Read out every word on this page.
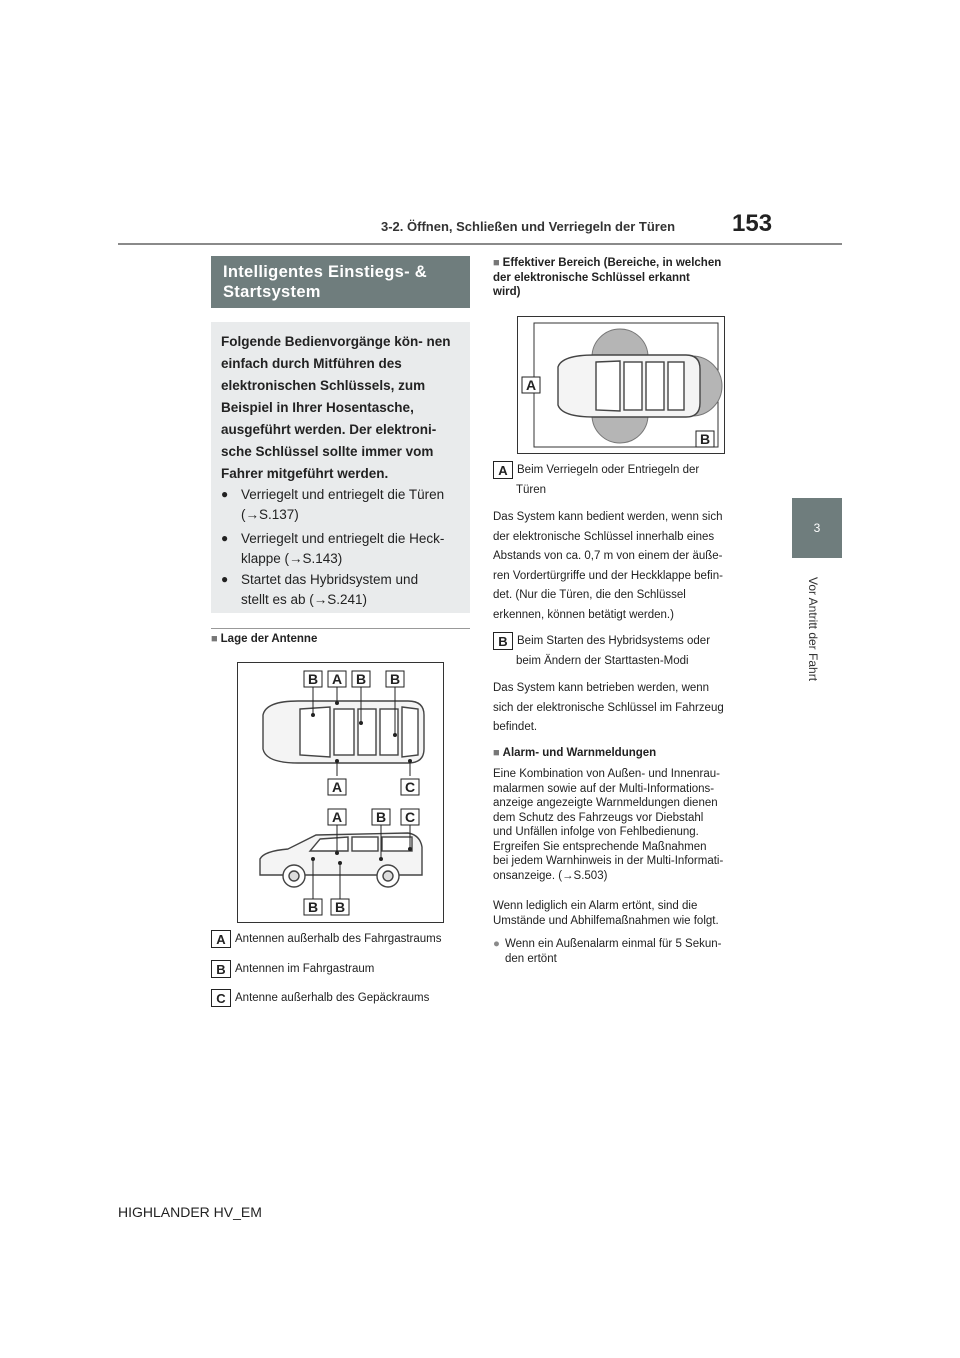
3-2. Öffnen, Schließen und Verriegeln der Türen 153
3
Vor Antritt der Fahrt
Intelligentes Einstiegs- &
Startsystem
Folgende Bedienvorgänge kön- nen einfach durch Mitführen des elektronischen Schlüssels, zum Beispiel in Ihrer Hosentasche, ausgeführt werden. Der elektroni- sche Schlüssel sollte immer vom Fahrer mitgeführt werden.
● Verriegelt und entriegelt die Türen
(→S.137)
● Verriegelt und entriegelt die Heck-
klappe (→S.143)
● Startet das Hybridsystem und
stellt es ab (→S.241)
■ Lage der Antenne
B A B B
A	C
A B C
B B
A Antennen außerhalb des Fahrgastraums
B Antennen im Fahrgastraum
C Antenne außerhalb des Gepäckraums
■ Effektiver Bereich (Bereiche, in welchen
der elektronische Schlüssel erkannt
wird)
A
B
A Beim Verriegeln oder Entriegeln der
Türen
Das System kann bedient werden, wenn sich
der elektronische Schlüssel innerhalb eines
Abstands von ca. 0,7 m von einem der äuße-
ren Vordertürgriffe und der Heckklappe befin-
det. (Nur die Türen, die den Schlüssel
erkennen, können betätigt werden.)
B Beim Starten des Hybridsystems oder
beim Ändern der Starttasten-Modi
Das System kann betrieben werden, wenn
sich der elektronische Schlüssel im Fahrzeug
befindet.
■ Alarm- und Warnmeldungen
Eine Kombination von Außen- und Innenrau-
malarmen sowie auf der Multi-Informations-
anzeige angezeigte Warnmeldungen dienen
dem Schutz des Fahrzeugs vor Diebstahl
und Unfällen infolge von Fehlbedienung.
Ergreifen Sie entsprechende Maßnahmen
bei jedem Warnhinweis in der Multi-Informati-
onsanzeige. (→S.503)
Wenn lediglich ein Alarm ertönt, sind die
Umstände und Abhilfemaßnahmen wie folgt.
● Wenn ein Außenalarm einmal für 5 Sekun-
den ertönt
HIGHLANDER HV_EM
